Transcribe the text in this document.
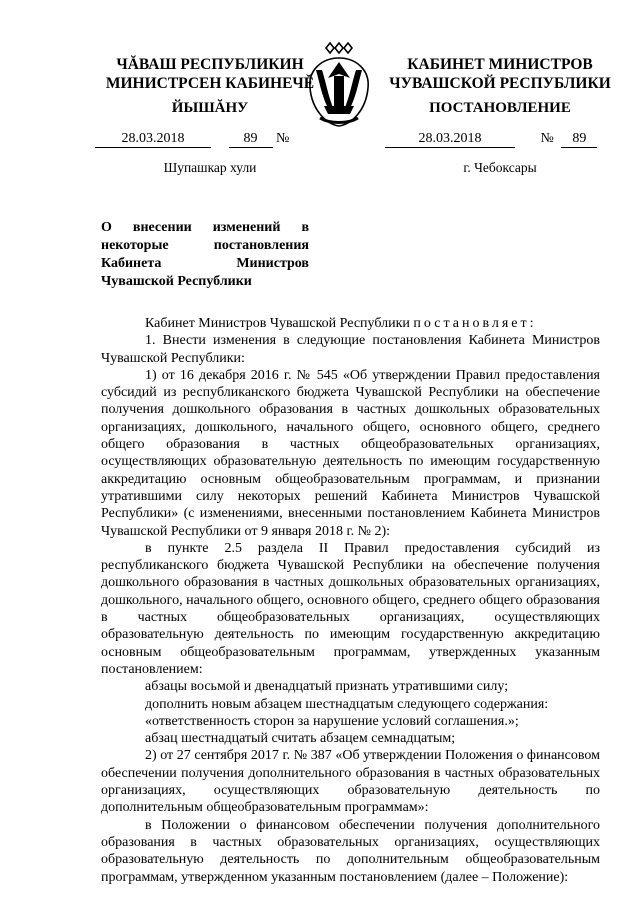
ЧĂВАШ РЕСПУБЛИКИН
МИНИСТРСЕН КАБИНЕЧĚ
КАБИНЕТ МИНИСТРОВ
ЧУВАШСКОЙ РЕСПУБЛИКИ
ЙЫШĂНУ	ПОСТАНОВЛЕНИЕ
28.03.2018	89 №	28.03.2018	№ 89
Шупашкар хули	г. Чебоксары
О внесении изменений в некоторые постановления Кабинета Министров Чувашской Республики

Кабинет Министров Чувашской Республики постановляет:

1. Внести изменения в следующие постановления Кабинета Министров Чувашской Республики:

1) от 16 декабря 2016 г. № 545 «Об утверждении Правил предоставления субсидий из республиканского бюджета Чувашской Республики на обеспечение получения дошкольного образования в частных дошкольных образовательных организациях, дошкольного, начального общего, основного общего, среднего общего образования в частных общеобразовательных организациях, осуществляющих образовательную деятельность по имеющим государственную аккредитацию основным общеобразовательным программам, и признании утратившими силу некоторых решений Кабинета Министров Чувашской Республики» (с изменениями, внесенными постановлением Кабинета Министров Чувашской Республики от 9 января 2018 г. № 2):

в пункте 2.5 раздела II Правил предоставления субсидий из республиканского бюджета Чувашской Республики на обеспечение получения дошкольного образования в частных дошкольных образовательных организациях, дошкольного, начального общего, основного общего, среднего общего образования в частных общеобразовательных организациях, осуществляющих образовательную деятельность по имеющим государственную аккредитацию основным общеобразовательным программам, утвержденных указанным постановлением:

абзацы восьмой и двенадцатый признать утратившими силу;

дополнить новым абзацем шестнадцатым следующего содержания:

«ответственность сторон за нарушение условий соглашения.»;

абзац шестнадцатый считать абзацем семнадцатым;

2) от 27 сентября 2017 г. № 387 «Об утверждении Положения о финансовом обеспечении получения дополнительного образования в частных образовательных организациях, осуществляющих образовательную деятельность по дополнительным общеобразовательным программам»:

в Положении о финансовом обеспечении получения дополнительного образования в частных образовательных организациях, осуществляющих образовательную деятельность по дополнительным общеобразовательным программам, утвержденном указанным постановлением (далее – Положение):
